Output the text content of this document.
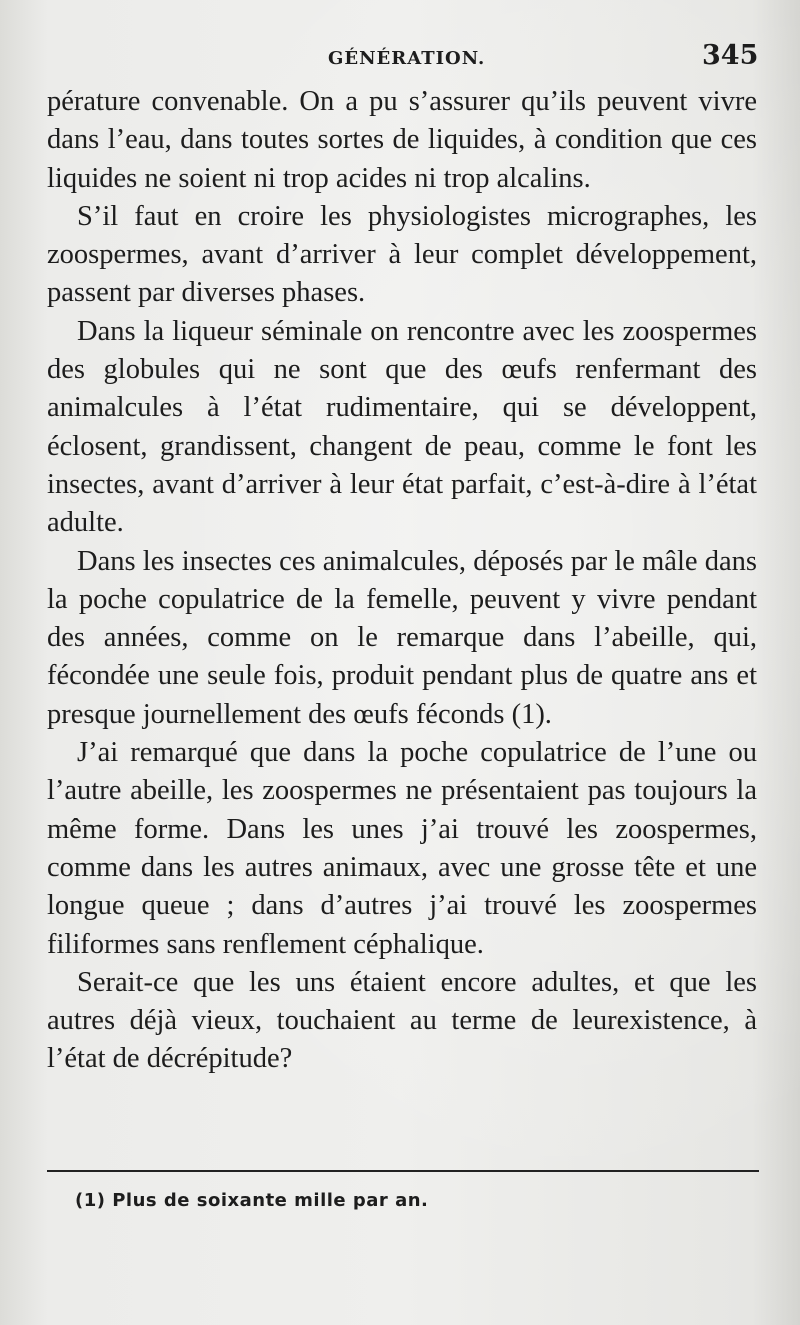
GÉNÉRATION.	345

pérature convenable. On a pu s’assurer qu’ils peuvent vivre dans l’eau, dans toutes sortes de liquides, à condition que ces liquides ne soient ni trop acides ni trop alcalins.

S’il faut en croire les physiologistes micrographes, les zoospermes, avant d’arriver à leur complet développement, passent par diverses phases.

Dans la liqueur séminale on rencontre avec les zoospermes des globules qui ne sont que des œufs renfermant des animalcules à l’état rudimentaire, qui se développent, éclosent, grandissent, changent de peau, comme le font les insectes, avant d’arriver à leur état parfait, c’est-à-dire à l’état adulte.

Dans les insectes ces animalcules, déposés par le mâle dans la poche copulatrice de la femelle, peuvent y vivre pendant des années, comme on le remarque dans l’abeille, qui, fécondée une seule fois, produit pendant plus de quatre ans et presque journellement des œufs féconds (1).

J’ai remarqué que dans la poche copulatrice de l’une ou l’autre abeille, les zoospermes ne présentaient pas toujours la même forme. Dans les unes j’ai trouvé les zoospermes, comme dans les autres animaux, avec une grosse tête et une longue queue ; dans d’autres j’ai trouvé les zoospermes filiformes sans renflement céphalique.

Serait-ce que les uns étaient encore adultes, et que les autres déjà vieux, touchaient au terme de leurexistence, à l’état de décrépitude?

(1) Plus de soixante mille par an.
